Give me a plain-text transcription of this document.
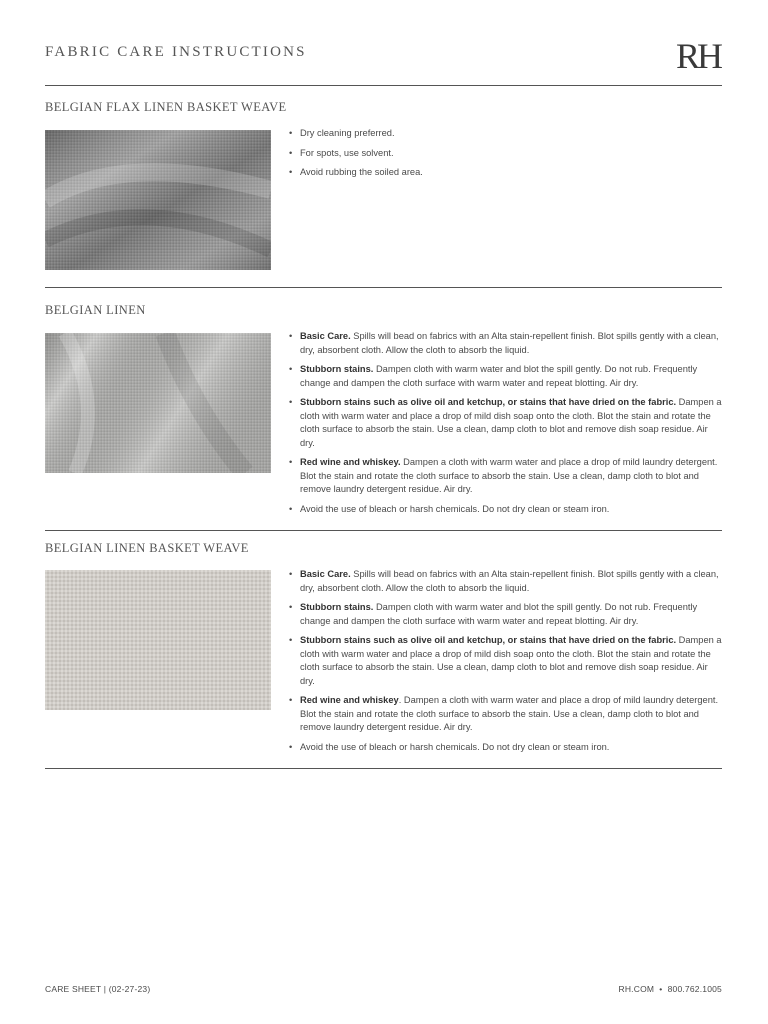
FABRIC CARE INSTRUCTIONS	RH
BELGIAN FLAX LINEN BASKET WEAVE
• Dry cleaning preferred.
• For spots, use solvent.
• Avoid rubbing the soiled area.
BELGIAN LINEN
• Basic Care. Spills will bead on fabrics with an Alta stain-repellent finish. Blot spills gently with a clean, dry, absorbent cloth. Allow the cloth to absorb the liquid.
• Stubborn stains. Dampen cloth with warm water and blot the spill gently. Do not rub. Frequently change and dampen the cloth surface with warm water and repeat blotting. Air dry.
• Stubborn stains such as olive oil and ketchup, or stains that have dried on the fabric. Dampen a cloth with warm water and place a drop of mild dish soap onto the cloth. Blot the stain and rotate the cloth surface to absorb the stain. Use a clean, damp cloth to blot and remove dish soap residue. Air dry.
• Red wine and whiskey. Dampen a cloth with warm water and place a drop of mild laundry detergent. Blot the stain and rotate the cloth surface to absorb the stain. Use a clean, damp cloth to blot and remove laundry detergent residue. Air dry.
• Avoid the use of bleach or harsh chemicals. Do not dry clean or steam iron.
BELGIAN LINEN BASKET WEAVE
• Basic Care. Spills will bead on fabrics with an Alta stain-repellent finish. Blot spills gently with a clean, dry, absorbent cloth. Allow the cloth to absorb the liquid.
• Stubborn stains. Dampen cloth with warm water and blot the spill gently. Do not rub. Frequently change and dampen the cloth surface with warm water and repeat blotting. Air dry.
• Stubborn stains such as olive oil and ketchup, or stains that have dried on the fabric. Dampen a cloth with warm water and place a drop of mild dish soap onto the cloth. Blot the stain and rotate the cloth surface to absorb the stain. Use a clean, damp cloth to blot and remove dish soap residue. Air dry.
• Red wine and whiskey. Dampen a cloth with warm water and place a drop of mild laundry detergent. Blot the stain and rotate the cloth surface to absorb the stain. Use a clean, damp cloth to blot and remove laundry detergent residue. Air dry.
• Avoid the use of bleach or harsh chemicals. Do not dry clean or steam iron.
CARE SHEET | (02-27-23)	RH.COM  •  800.762.1005
